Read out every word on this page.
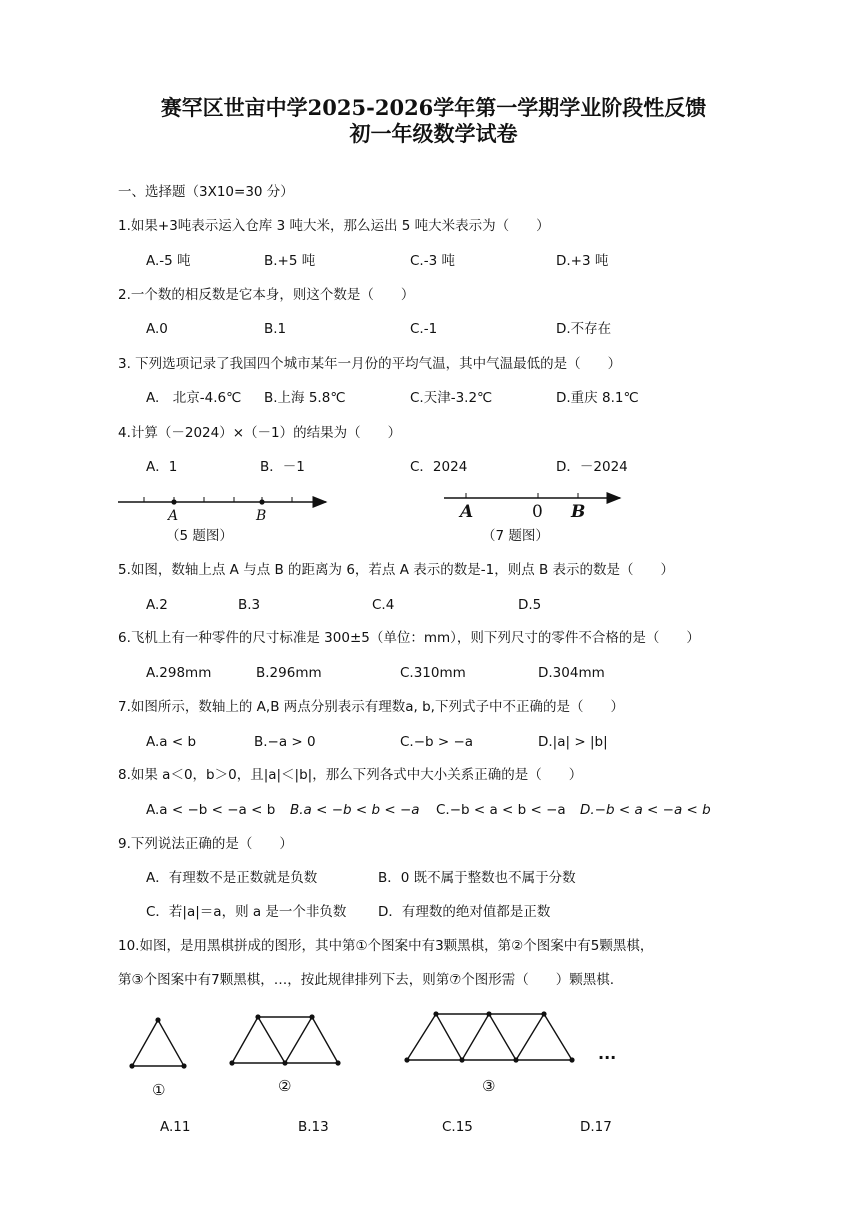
赛罕区世亩中学2025-2026学年第一学期学业阶段性反馈
初一年级数学试卷
一、选择题（3X10=30 分）
1.如果+3吨表示运入仓库 3 吨大米，那么运出 5 吨大米表示为（　　）
A.-5 吨	B.+5 吨	C.-3 吨	D.+3 吨
2.一个数的相反数是它本身，则这个数是（　　）
A.0	B.1	C.-1	D.不存在
3. 下列选项记录了我国四个城市某年一月份的平均气温，其中气温最低的是（　　）
A.　北京-4.6℃ B.上海 5.8℃	C.天津-3.2℃	D.重庆 8.1℃
4.计算（－2024）×（－1）的结果为（　　）
A．1	B．－1	C．2024	D．－2024
A	B
（5 题图）
A	0 B
（7 题图）
5.如图，数轴上点 A 与点 B 的距离为 6，若点 A 表示的数是-1，则点 B 表示的数是（　　）
A.2	B.3	C.4	D.5
6.飞机上有一种零件的尺寸标准是 300±5（单位：mm），则下列尺寸的零件不合格的是（　　）
A.298mm	B.296mm	C.310mm	D.304mm
7.如图所示，数轴上的 A,B 两点分别表示有理数a, b,下列式子中不正确的是（　　）
A.a < b	B.−a > 0	C.−b > −a	D.|a| > |b|
8.如果 a＜0，b＞0，且|a|＜|b|，那么下列各式中大小关系正确的是（　　）
A.a < −b < −a < b B.a < −b < b < −a C.−b < a < b < −a D.−b < a < −a < b
9.下列说法正确的是（　　）
A．有理数不是正数就是负数	B．0 既不属于整数也不属于分数
C．若|a|＝a，则 a 是一个非负数 D．有理数的绝对值都是正数
10.如图，是用黑棋拼成的图形，其中第①个图案中有3颗黑棋，第②个图案中有5颗黑棋，
第③个图案中有7颗黑棋，…，按此规律排列下去，则第⑦个图形需（　　）颗黑棋.
①	②	③
···
A.11	B.13	C.15	D.17
